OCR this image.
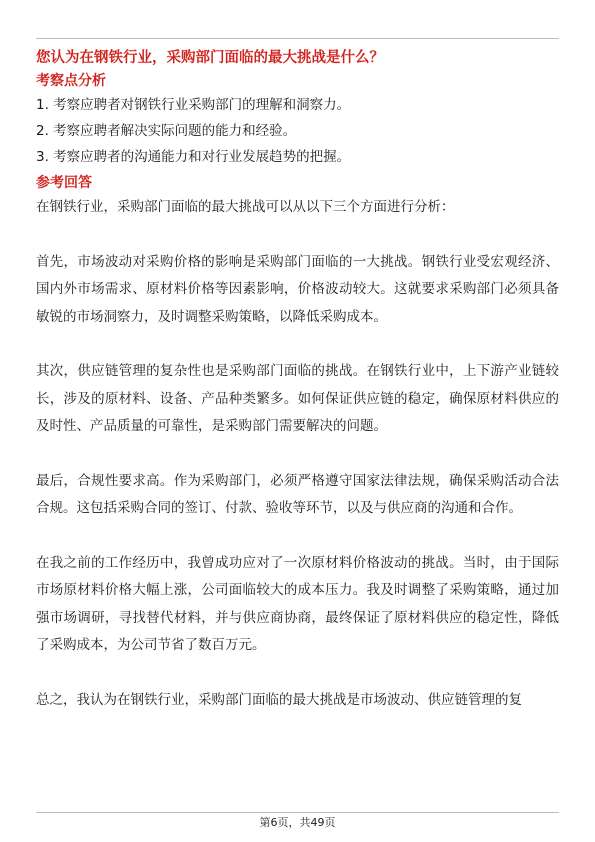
您认为在钢铁行业，采购部门面临的最大挑战是什么？

考察点分析

1. 考察应聘者对钢铁行业采购部门的理解和洞察力。

2. 考察应聘者解决实际问题的能力和经验。

3. 考察应聘者的沟通能力和对行业发展趋势的把握。

参考回答

在钢铁行业，采购部门面临的最大挑战可以从以下三个方面进行分析：

首先，市场波动对采购价格的影响是采购部门面临的一大挑战。钢铁行业受宏观经济、国内外市场需求、原材料价格等因素影响，价格波动较大。这就要求采购部门必须具备敏锐的市场洞察力，及时调整采购策略，以降低采购成本。

其次，供应链管理的复杂性也是采购部门面临的挑战。在钢铁行业中，上下游产业链较长，涉及的原材料、设备、产品种类繁多。如何保证供应链的稳定，确保原材料供应的及时性、产品质量的可靠性，是采购部门需要解决的问题。

最后，合规性要求高。作为采购部门，必须严格遵守国家法律法规，确保采购活动合法合规。这包括采购合同的签订、付款、验收等环节，以及与供应商的沟通和合作。

在我之前的工作经历中，我曾成功应对了一次原材料价格波动的挑战。当时，由于国际市场原材料价格大幅上涨，公司面临较大的成本压力。我及时调整了采购策略，通过加强市场调研，寻找替代材料，并与供应商协商，最终保证了原材料供应的稳定性，降低了采购成本，为公司节省了数百万元。

总之，我认为在钢铁行业，采购部门面临的最大挑战是市场波动、供应链管理的复

第6页，共49页
